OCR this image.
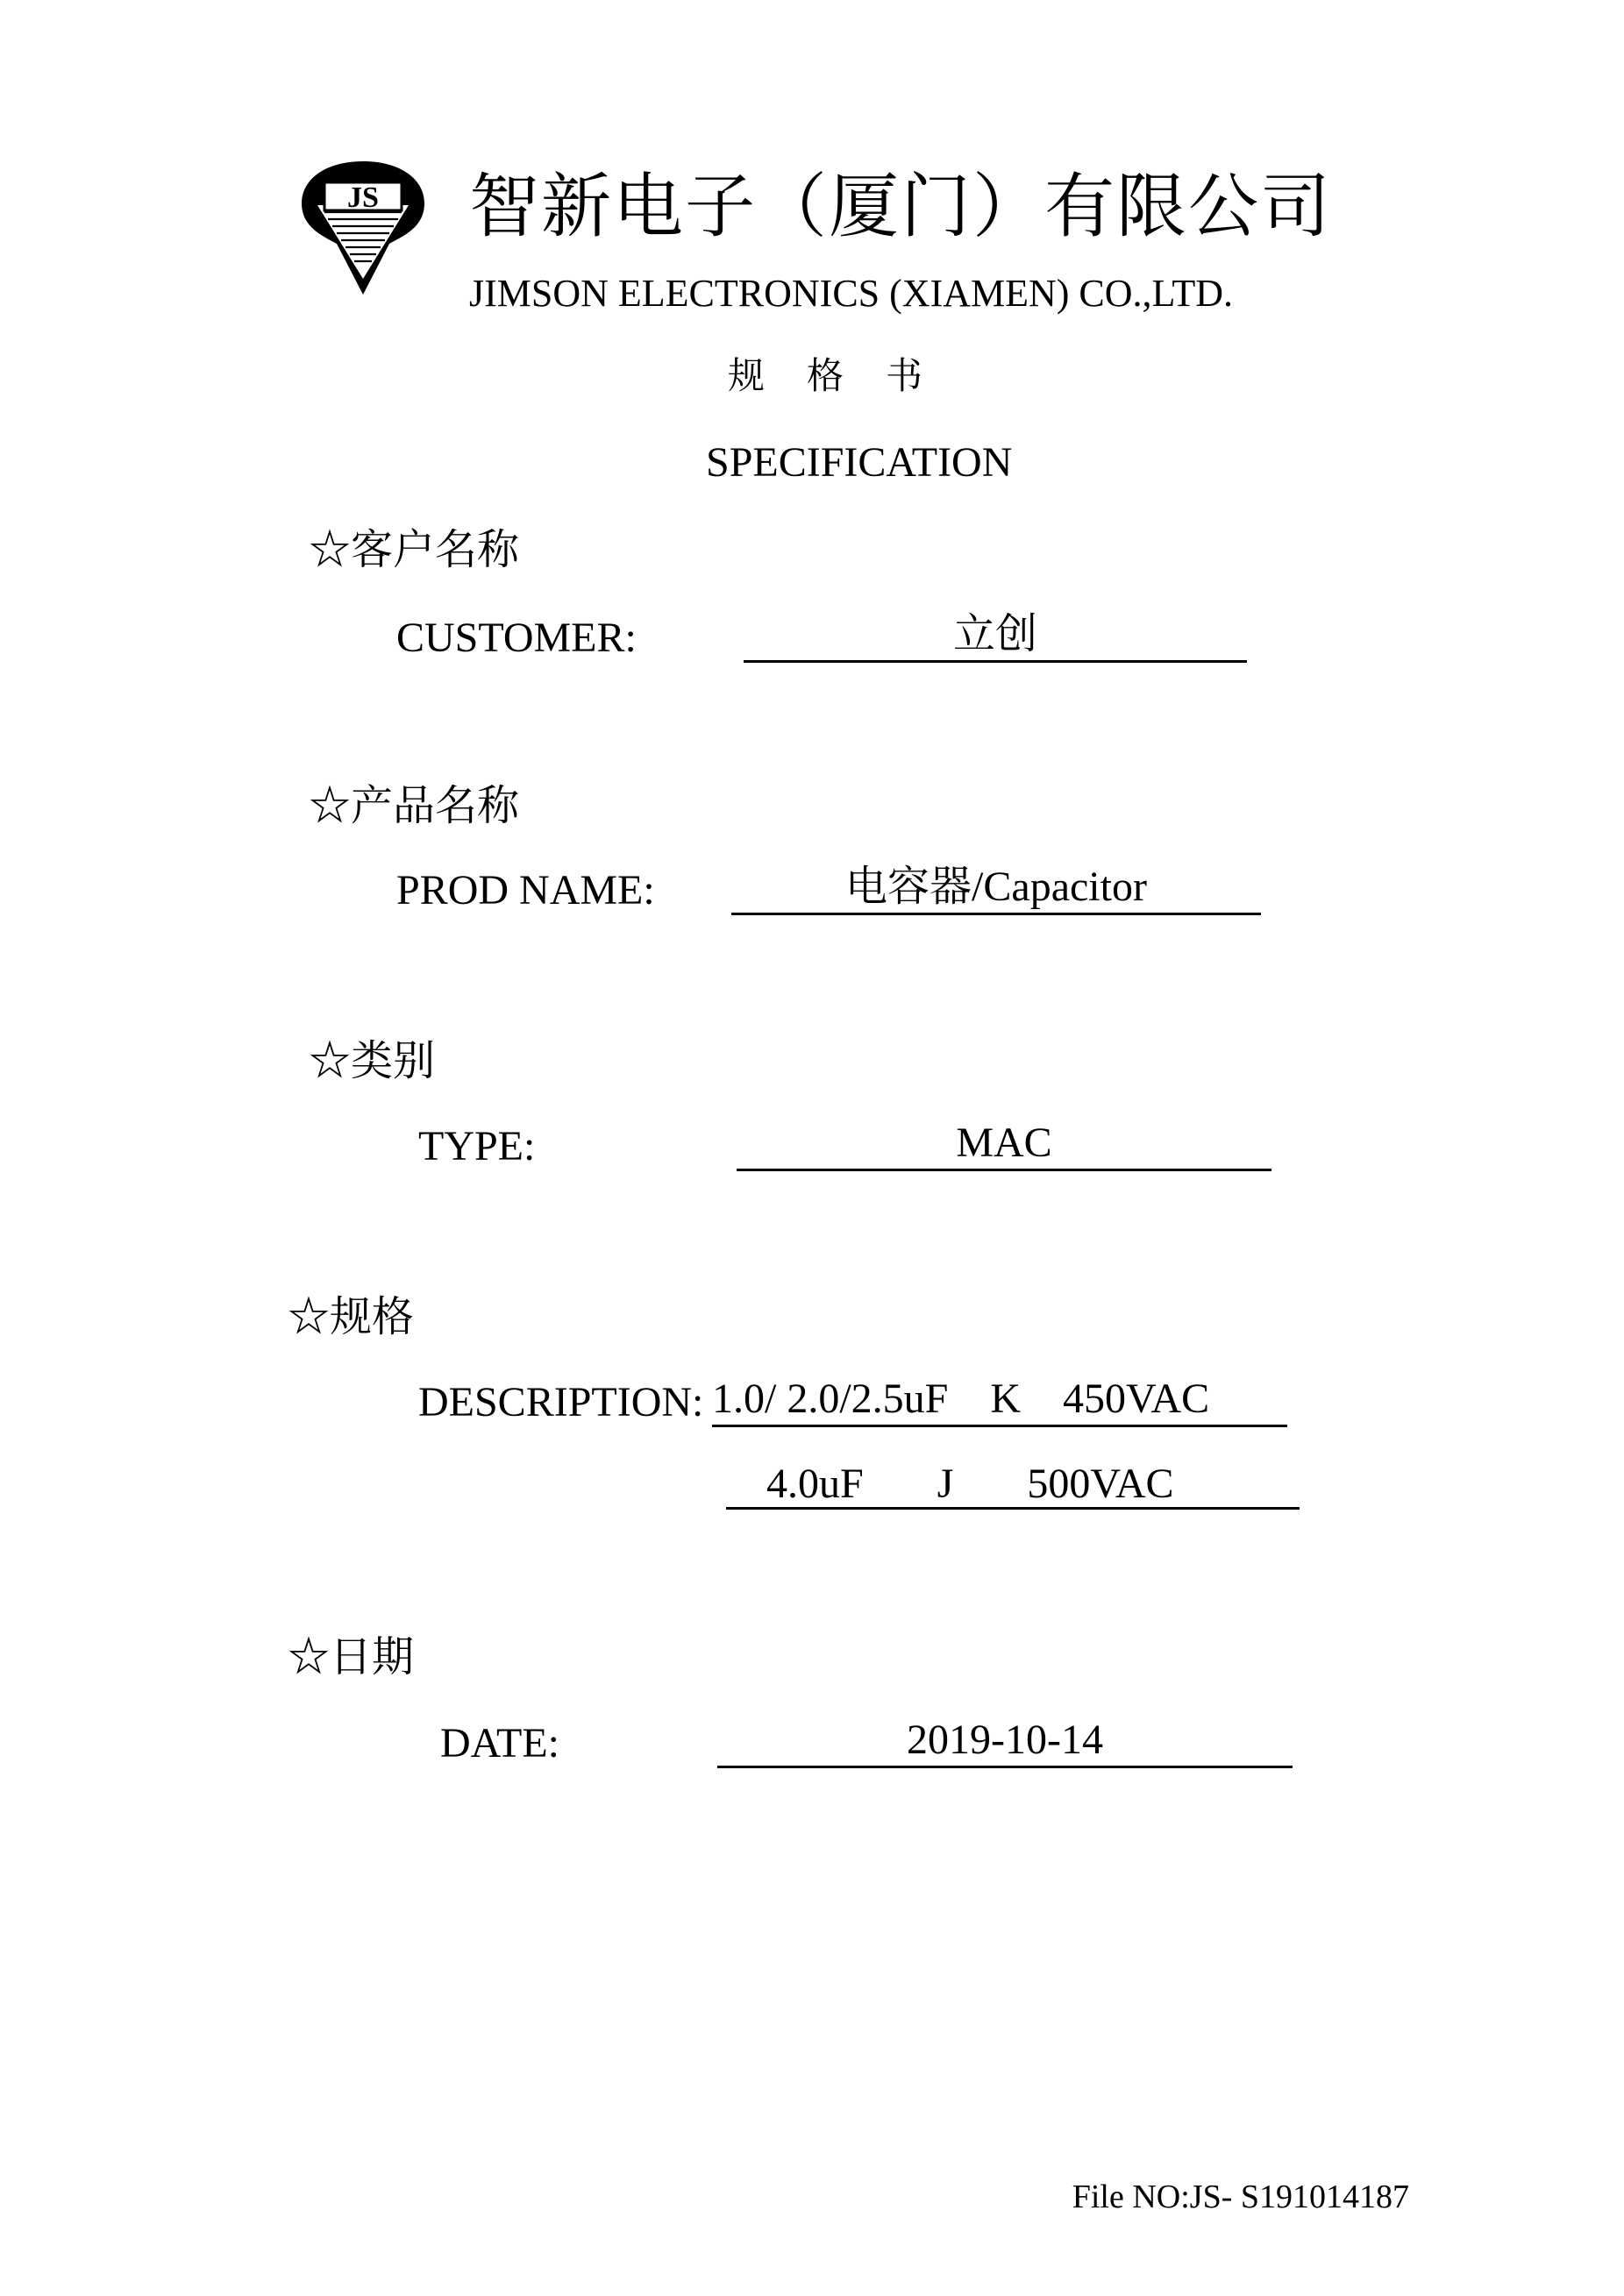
JS 智新电子（厦门）有限公司
JIMSON ELECTRONICS (XIAMEN) CO.,LTD.
规格书
SPECIFICATION
☆客户名称
CUSTOMER:	立创
☆产品名称
PROD NAME:	电容器/Capacitor
☆类别
TYPE:	MAC
☆规格
DESCRIPTION: 1.0/ 2.0/2.5uF    K    450VAC
4.0uF       J       500VAC
☆日期
DATE:	2019-10-14
File NO:JS- S191014187
